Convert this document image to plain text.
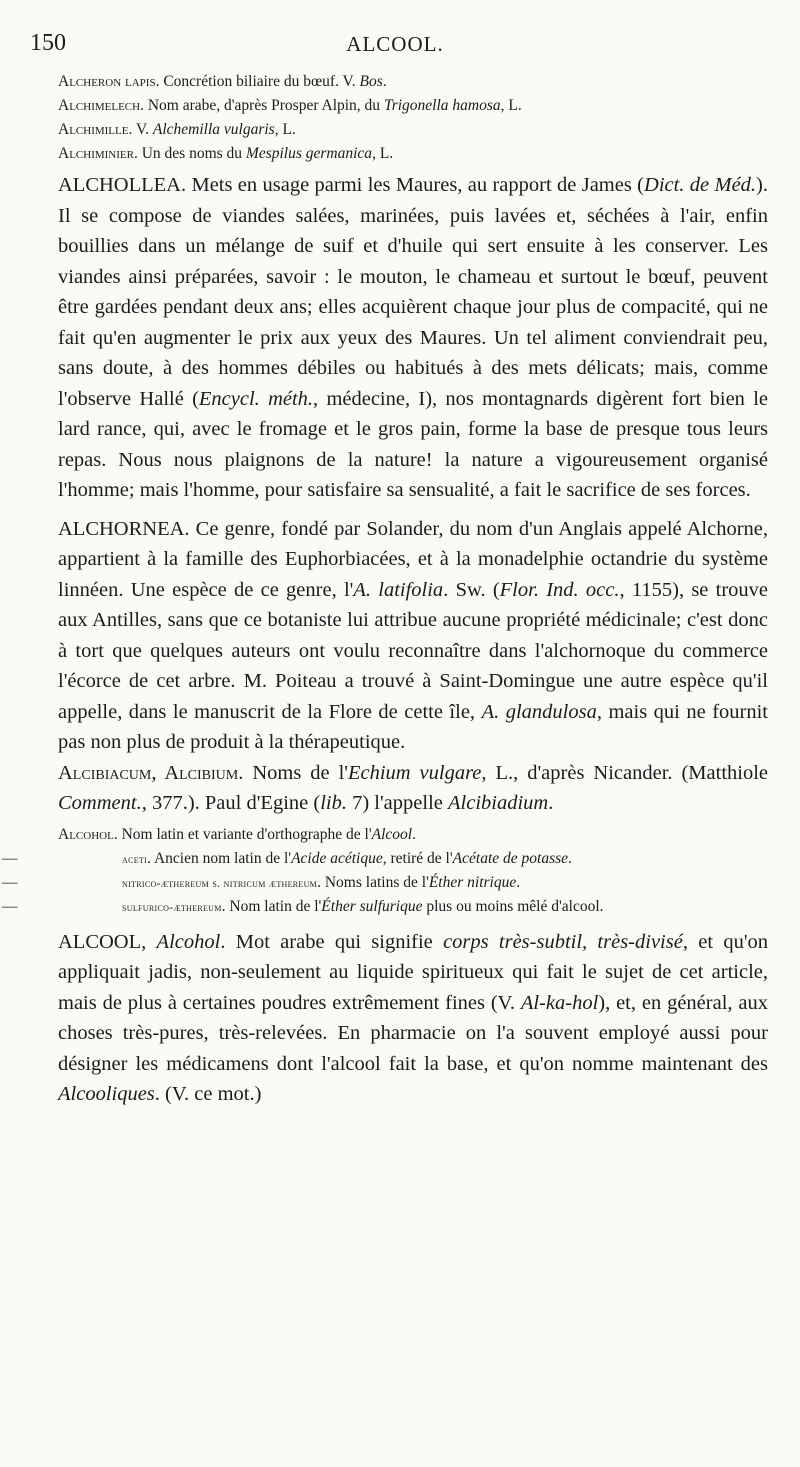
150	ALCOOL.

Alcheron lapis. Concrétion biliaire du bœuf. V. Bos.

Alchimelech. Nom arabe, d'après Prosper Alpin, du Trigonella hamosa, L.

Alchimille. V. Alchemilla vulgaris, L.

Alchiminier. Un des noms du Mespilus germanica, L.

ALCHOLLEA. Mets en usage parmi les Maures, au rapport de James (Dict. de Méd.). Il se compose de viandes salées, marinées, puis lavées et, séchées à l'air, enfin bouillies dans un mélange de suif et d'huile qui sert ensuite à les conserver. Les viandes ainsi préparées, savoir : le mouton, le chameau et surtout le bœuf, peuvent être gardées pendant deux ans; elles acquièrent chaque jour plus de compacité, qui ne fait qu'en augmenter le prix aux yeux des Maures. Un tel aliment conviendrait peu, sans doute, à des hommes débiles ou habitués à des mets délicats; mais, comme l'observe Hallé (Encycl. méth., médecine, I), nos montagnards digèrent fort bien le lard rance, qui, avec le fromage et le gros pain, forme la base de presque tous leurs repas. Nous nous plaignons de la nature! la nature a vigoureusement organisé l'homme; mais l'homme, pour satisfaire sa sensualité, a fait le sacrifice de ses forces.

ALCHORNEA. Ce genre, fondé par Solander, du nom d'un Anglais appelé Alchorne, appartient à la famille des Euphorbiacées, et à la monadelphie octandrie du système linnéen. Une espèce de ce genre, l'A. latifolia. Sw. (Flor. Ind. occ., 1155), se trouve aux Antilles, sans que ce botaniste lui attribue aucune propriété médicinale; c'est donc à tort que quelques auteurs ont voulu reconnaître dans l'alchornoque du commerce l'écorce de cet arbre. M. Poiteau a trouvé à Saint-Domingue une autre espèce qu'il appelle, dans le manuscrit de la Flore de cette île, A. glandulosa, mais qui ne fournit pas non plus de produit à la thérapeutique.

Alcibiacum, Alcibium. Noms de l'Echium vulgare, L., d'après Nicander. (Matthiole Comment., 377.). Paul d'Egine (lib. 7) l'appelle Alcibiadium.

Alcohol. Nom latin et variante d'orthographe de l'Alcool.

—	aceti. Ancien nom latin de l'Acide acétique, retiré de l'Acétate de potasse.

—	nitrico-æthereum s. nitricum æthereum. Noms latins de l'Éther nitrique.

—	sulfurico-æthereum. Nom latin de l'Éther sulfurique plus ou moins mêlé d'alcool.

ALCOOL, Alcohol. Mot arabe qui signifie corps très-subtil, très-divisé, et qu'on appliquait jadis, non-seulement au liquide spiritueux qui fait le sujet de cet article, mais de plus à certaines poudres extrêmement fines (V. Al-ka-hol), et, en général, aux choses très-pures, très-relevées. En pharmacie on l'a souvent employé aussi pour désigner les médicamens dont l'alcool fait la base, et qu'on nomme maintenant des Alcooliques. (V. ce mot.)
